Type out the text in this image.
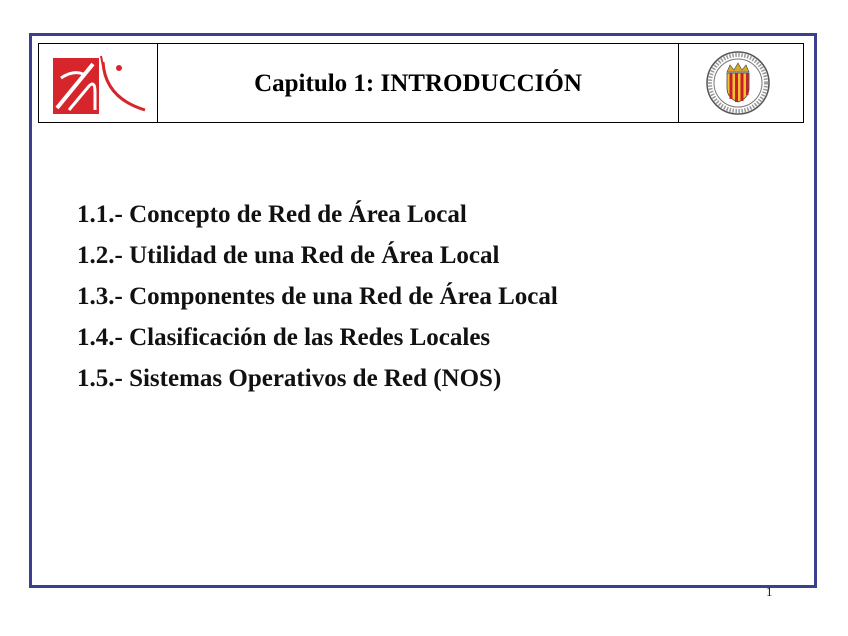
Capitulo 1: INTRODUCCIÓN
1.1.- Concepto de Red de Área Local
1.2.- Utilidad de una Red de Área Local
1.3.- Componentes de una Red de Área Local
1.4.- Clasificación de las Redes Locales
1.5.- Sistemas Operativos de Red (NOS)
1
